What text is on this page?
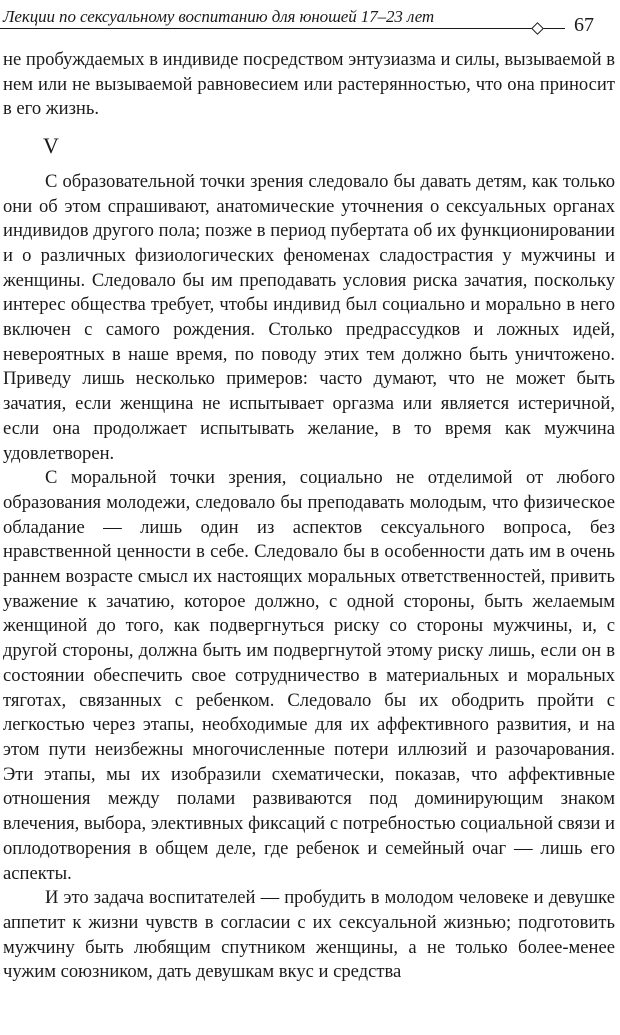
Лекции по сексуальному воспитанию для юношей 17–23 лет	67

не пробуждаемых в индивиде посредством энтузиазма и силы, вызываемой в нем или не вызываемой равновесием или растерянностью, что она приносит в его жизнь.

V

С образовательной точки зрения следовало бы давать детям, как только они об этом спрашивают, анатомические уточнения о сексуальных органах индивидов другого пола; позже в период пубертата об их функционировании и о различных физиологических феноменах сладострастия у мужчины и женщины. Следовало бы им преподавать условия риска зачатия, поскольку интерес общества требует, чтобы индивид был социально и морально в него включен с самого рождения. Столько предрассудков и ложных идей, невероятных в наше время, по поводу этих тем должно быть уничтожено. Приведу лишь несколько примеров: часто думают, что не может быть зачатия, если женщина не испытывает оргазма или является истеричной, если она продолжает испытывать желание, в то время как мужчина удовлетворен.

С моральной точки зрения, социально не отделимой от любого образования молодежи, следовало бы преподавать молодым, что физическое обладание — лишь один из аспектов сексуального вопроса, без нравственной ценности в себе. Следовало бы в особенности дать им в очень раннем возрасте смысл их настоящих моральных ответственностей, привить уважение к зачатию, которое должно, с одной стороны, быть желаемым женщиной до того, как подвергнуться риску со стороны мужчины, и, с другой стороны, должна быть им подвергнутой этому риску лишь, если он в состоянии обеспечить свое сотрудничество в материальных и моральных тяготах, связанных с ребенком. Следовало бы их ободрить пройти с легкостью через этапы, необходимые для их аффективного развития, и на этом пути неизбежны многочисленные потери иллюзий и разочарования. Эти этапы, мы их изобразили схематически, показав, что аффективные отношения между полами развиваются под доминирующим знаком влечения, выбора, элективных фиксаций с потребностью социальной связи и оплодотворения в общем деле, где ребенок и семейный очаг — лишь его аспекты.

И это задача воспитателей — пробудить в молодом человеке и девушке аппетит к жизни чувств в согласии с их сексуальной жизнью; подготовить мужчину быть любящим спутником женщины, а не только более-менее чужим союзником, дать девушкам вкус и средства
